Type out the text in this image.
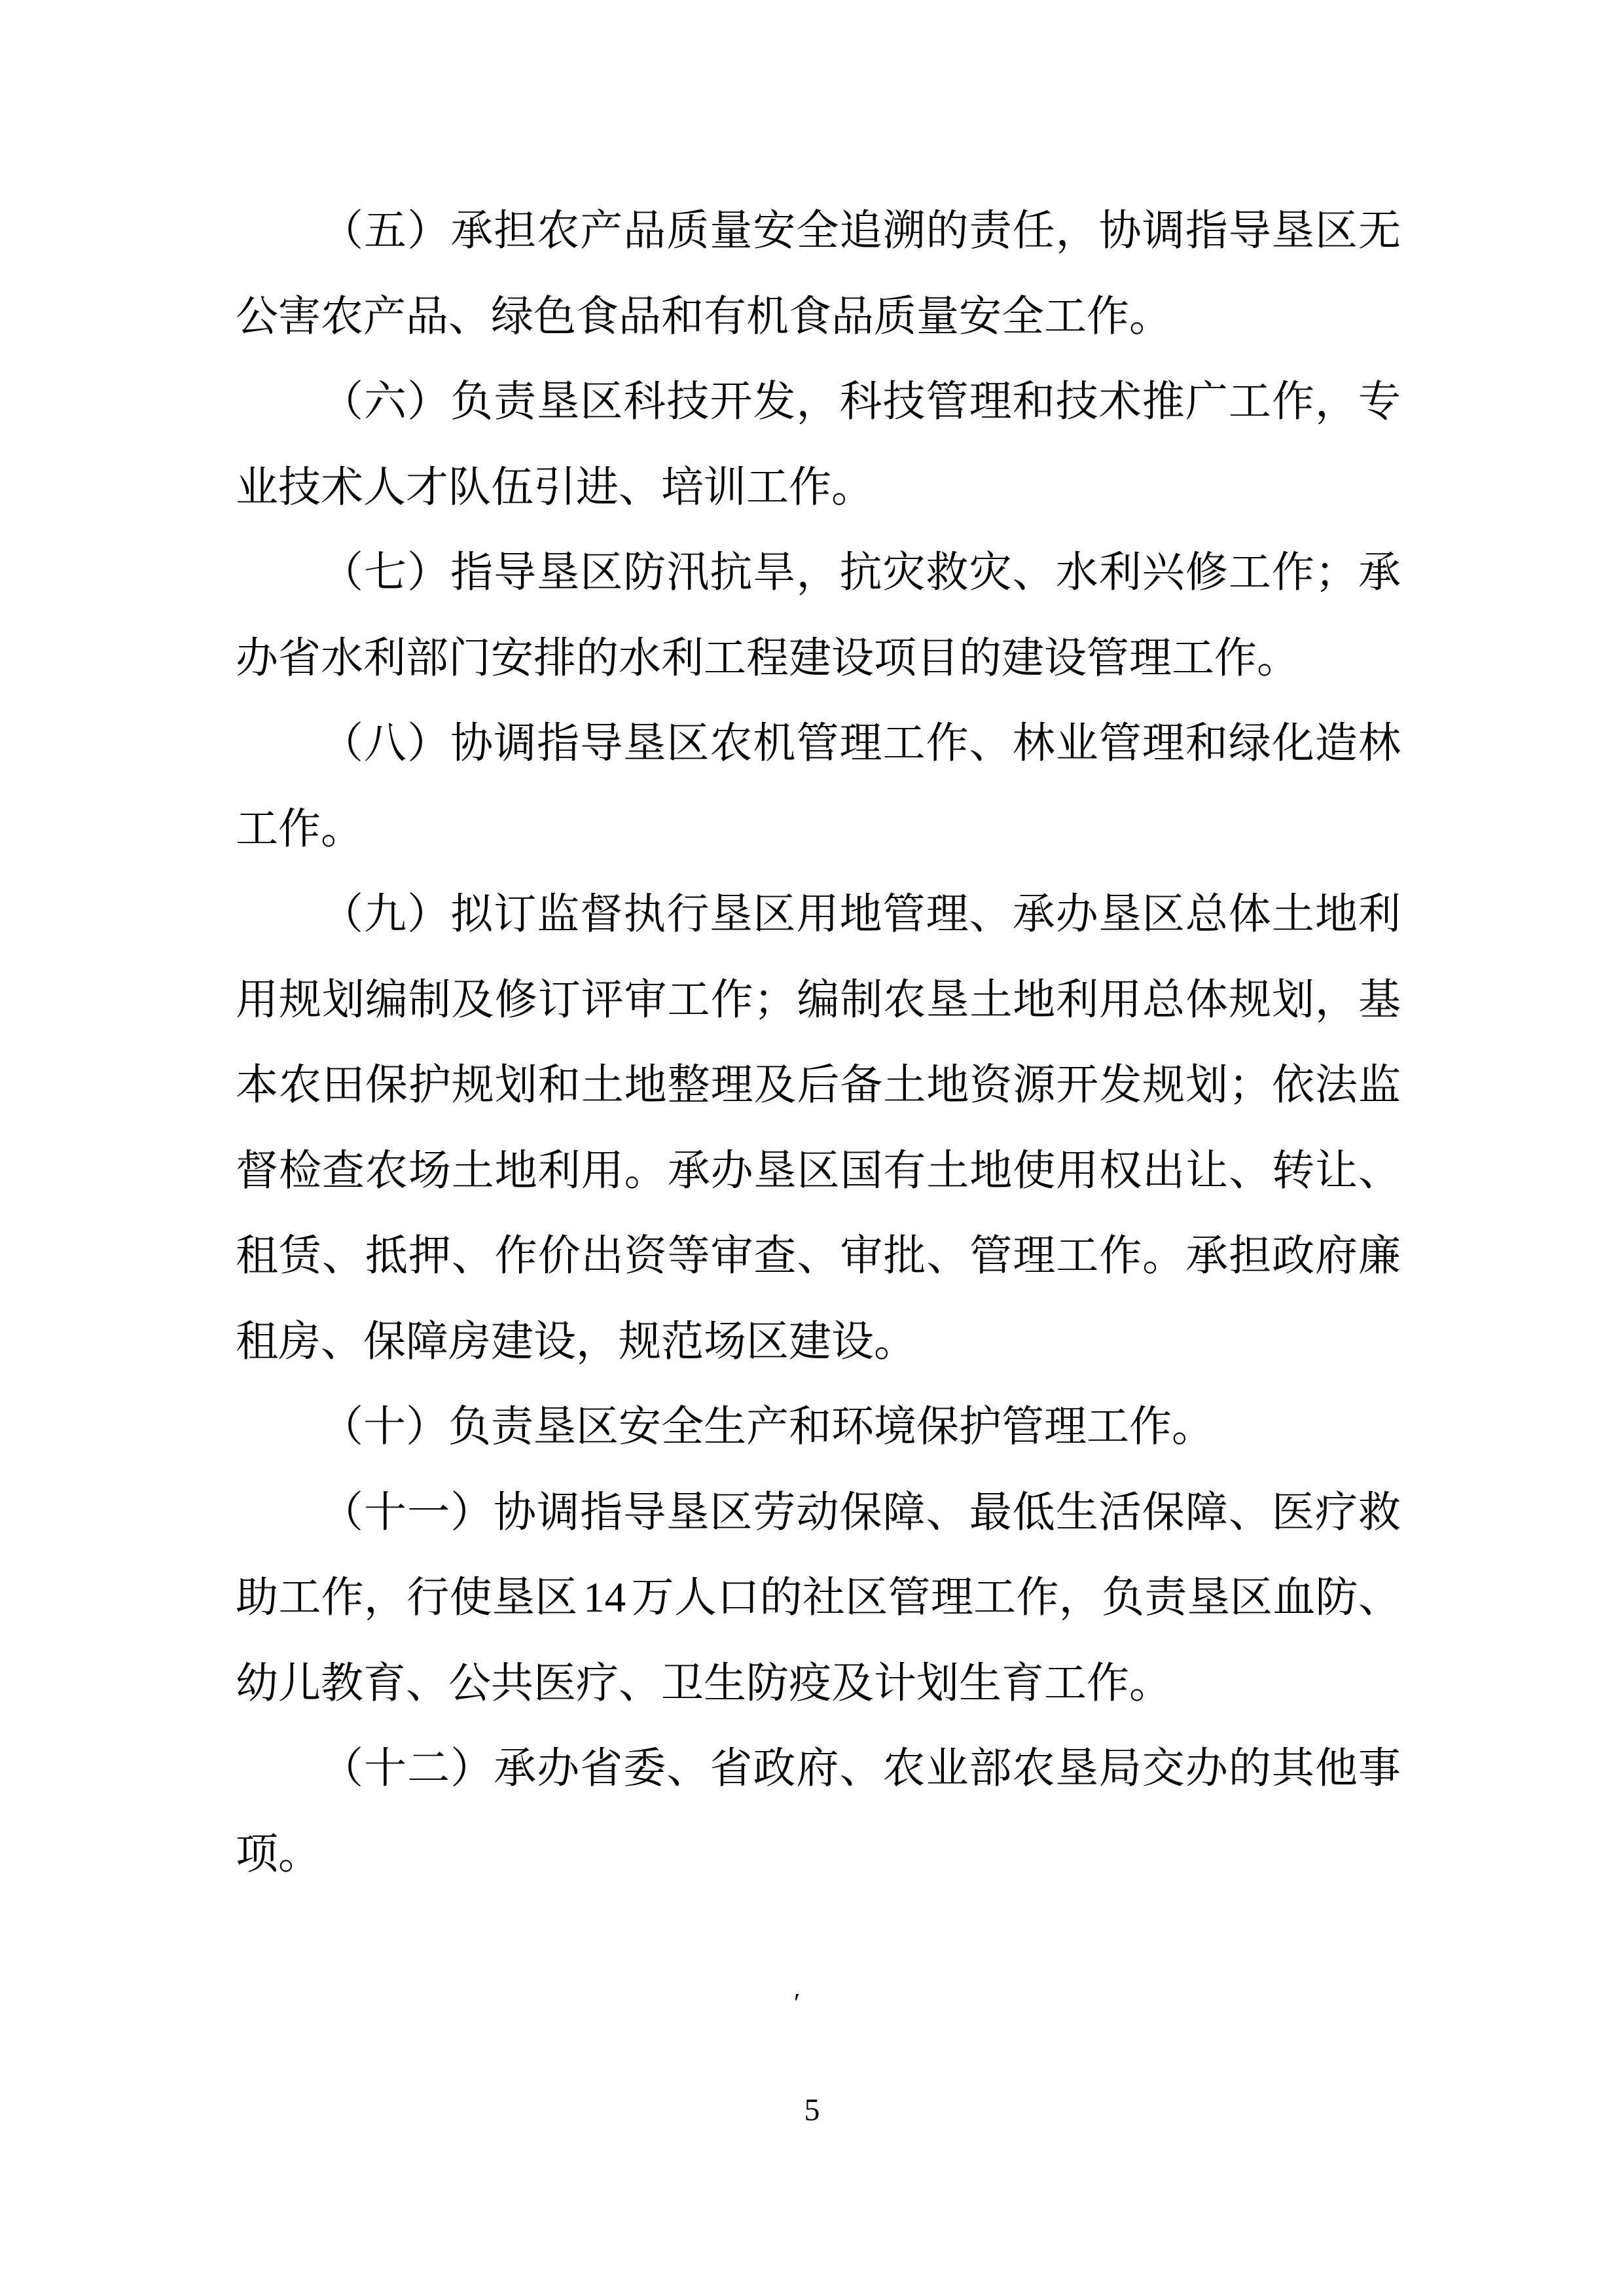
（五）承担农产品质量安全追溯的责任，协调指导垦区无

公害农产品、绿色食品和有机食品质量安全工作。

（六）负责垦区科技开发，科技管理和技术推广工作，专

业技术人才队伍引进、培训工作。

（七）指导垦区防汛抗旱，抗灾救灾、水利兴修工作；承

办省水利部门安排的水利工程建设项目的建设管理工作。

（八）协调指导垦区农机管理工作、林业管理和绿化造林

工作。

（九）拟订监督执行垦区用地管理、承办垦区总体土地利

用规划编制及修订评审工作；编制农垦土地利用总体规划，基

本农田保护规划和土地整理及后备土地资源开发规划；依法监

督检查农场土地利用。承办垦区国有土地使用权出让、转让、

租赁、抵押、作价出资等审查、审批、管理工作。承担政府廉

租房、保障房建设，规范场区建设。

（十）负责垦区安全生产和环境保护管理工作。

（十一）协调指导垦区劳动保障、最低生活保障、医疗救

助工作，行使垦区 14 万人口的社区管理工作，负责垦区血防、

幼儿教育、公共医疗、卫生防疫及计划生育工作。

（十二）承办省委、省政府、农业部农垦局交办的其他事

项。

′
5
